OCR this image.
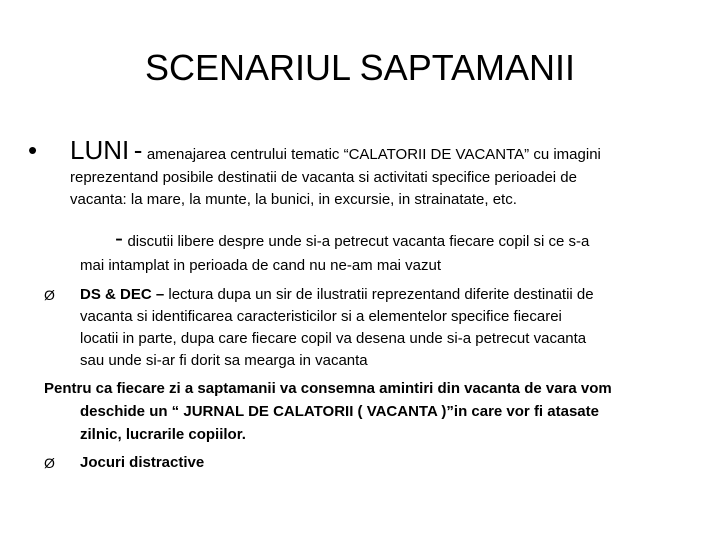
SCENARIUL SAPTAMANII
• LUNI - amenajarea centrului tematic “CALATORII DE VACANTA” cu imagini
reprezentand posibile destinatii de vacanta si activitati specifice perioadei de
vacanta: la mare, la munte, la bunici, in excursie, in strainatate, etc.
- discutii libere despre unde si-a petrecut vacanta fiecare copil si ce s-a
mai intamplat in perioada de cand nu ne-am mai vazut
Ø DS & DEC – lectura dupa un sir de ilustratii reprezentand diferite destinatii de
vacanta si identificarea caracteristicilor si a elementelor specifice fiecarei
locatii in parte, dupa care fiecare copil va desena unde si-a petrecut vacanta
sau unde si-ar fi dorit sa mearga in vacanta
Pentru ca fiecare zi a saptamanii va consemna amintiri din vacanta de vara vom
deschide un “ JURNAL DE CALATORII ( VACANTA )”in care vor fi atasate
zilnic, lucrarile copiilor.
Ø Jocuri distractive
